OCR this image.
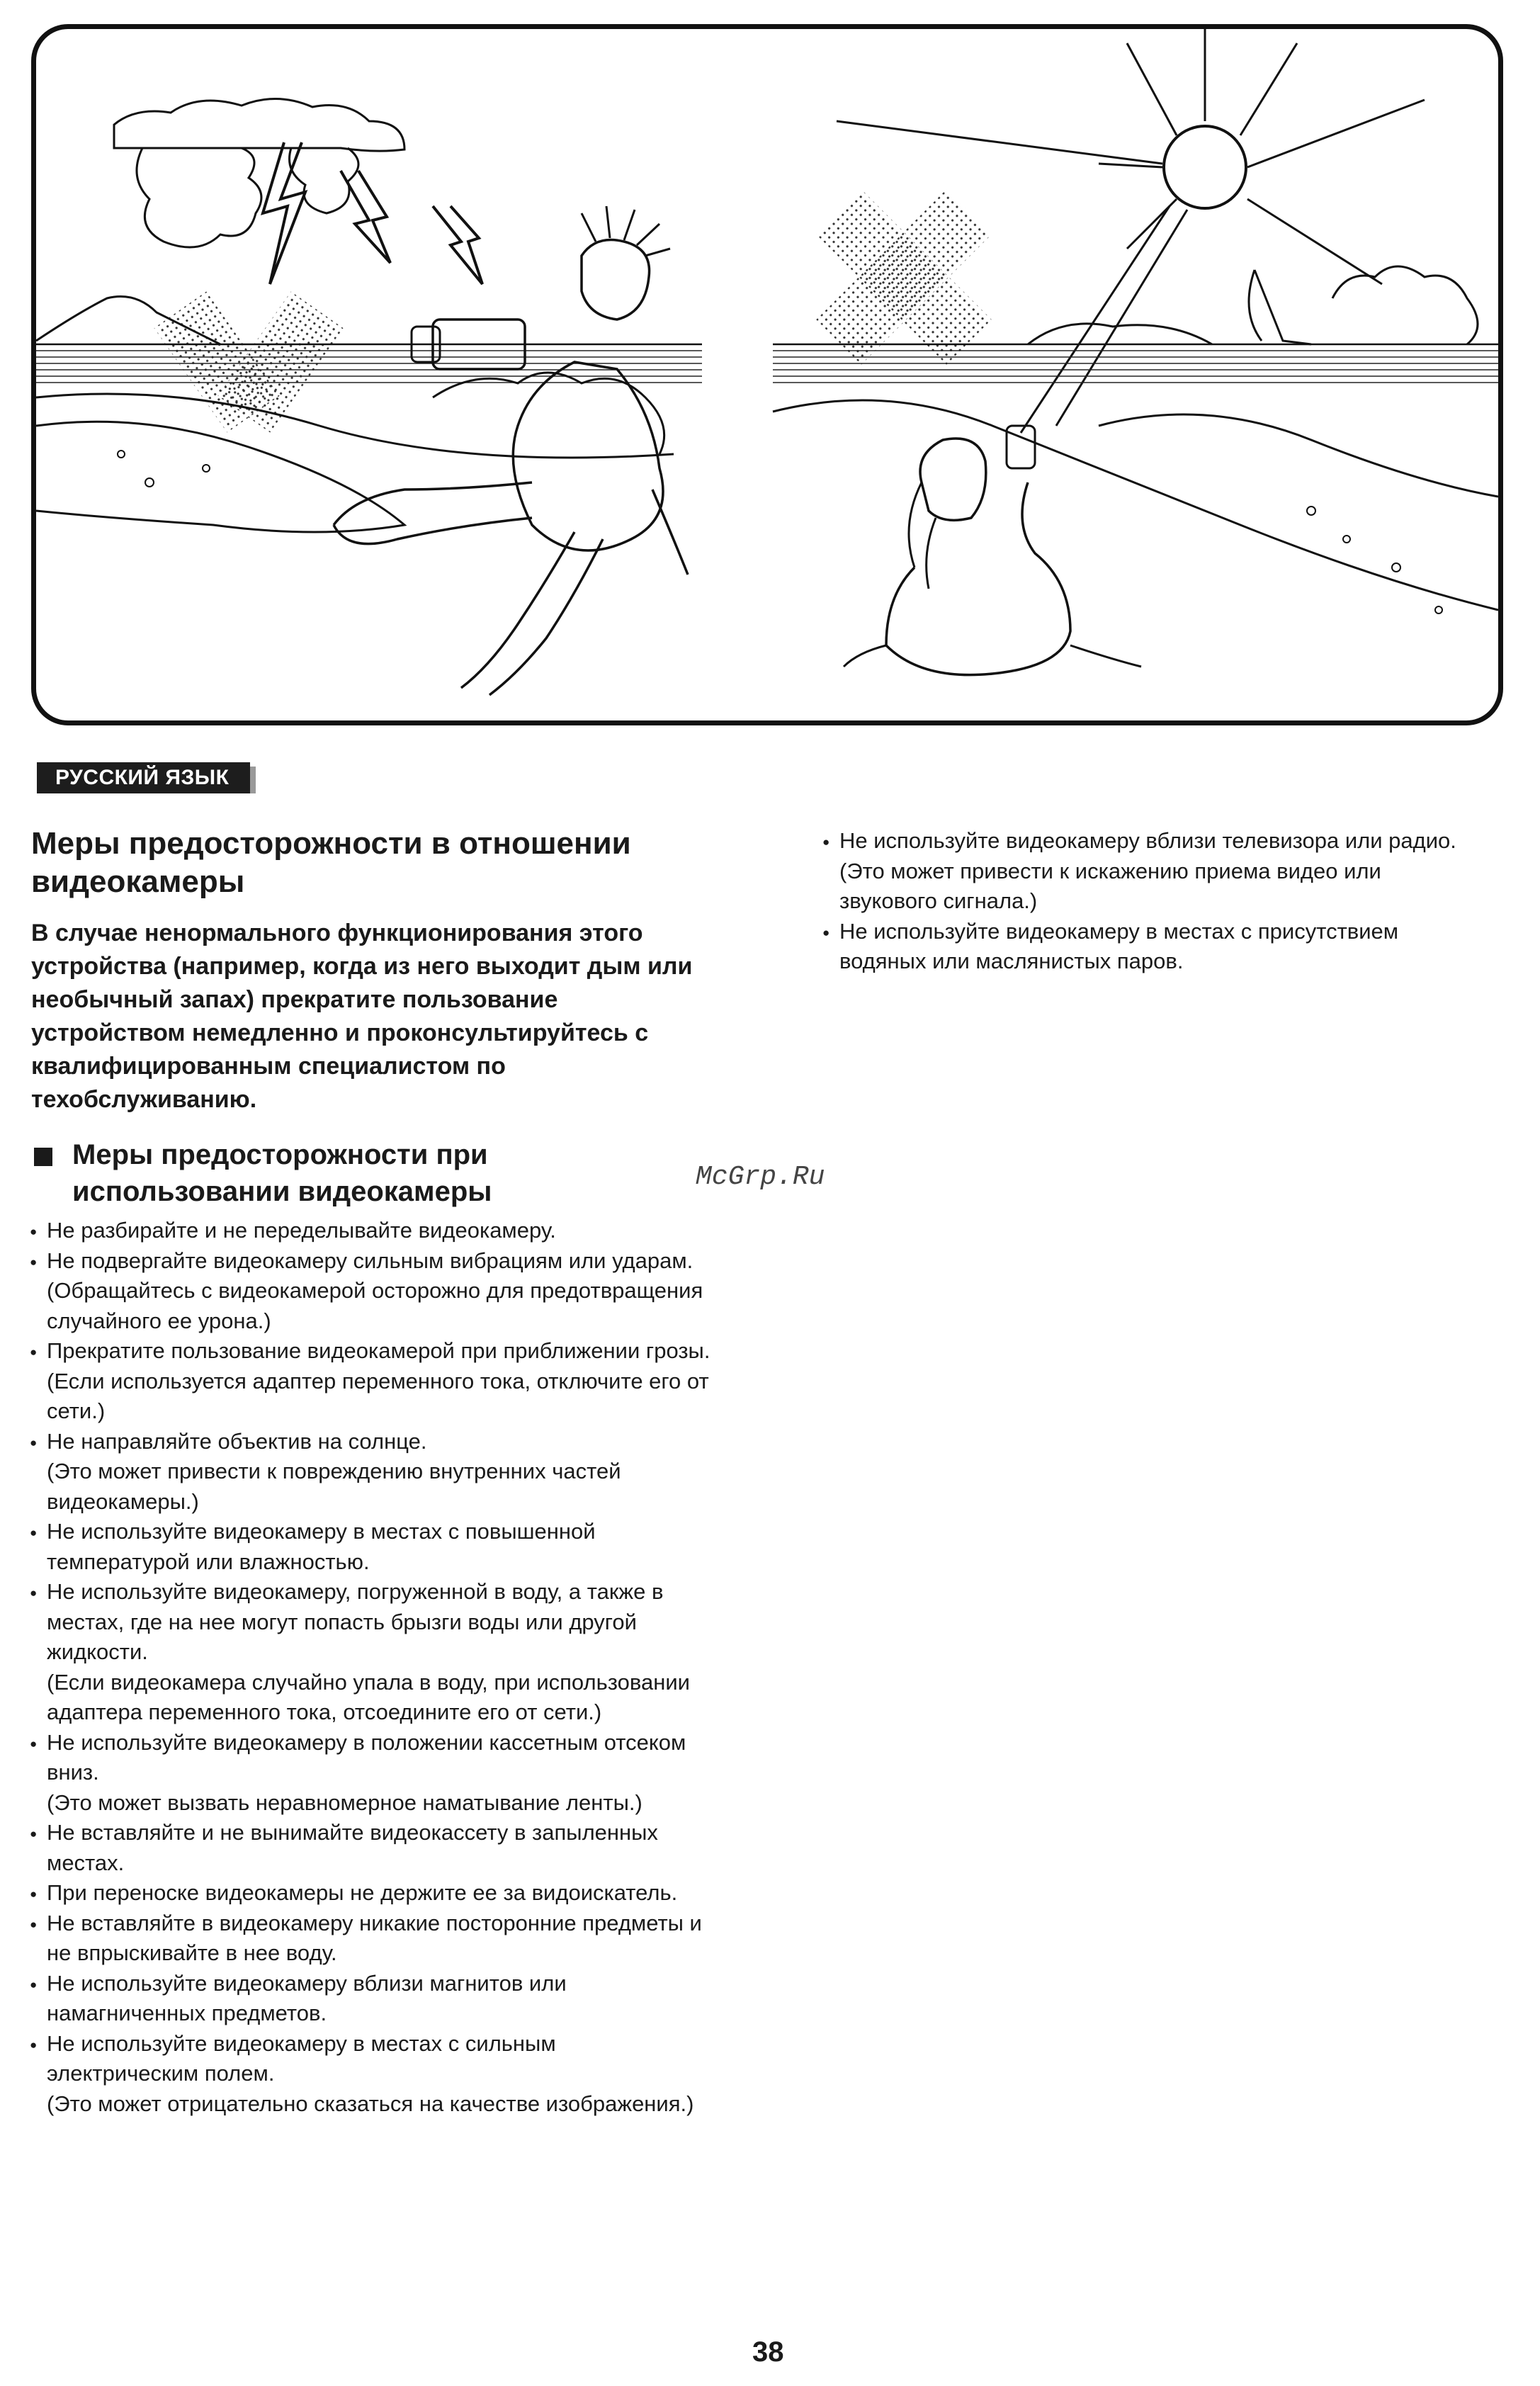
РУССКИЙ ЯЗЫК
Меры предосторожности в отношении видеокамеры

В случае ненормального функционирования этого устройства (например, когда из него выходит дым или необычный запах) прекратите пользование устройством немедленно и проконсультируйтесь с квалифицированным специалистом по техобслуживанию.

Меры предосторожности при использовании видеокамеры
● Не разбирайте и не переделывайте видеокамеру.
● Не подвергайте видеокамеру сильным вибрациям или ударам.
(Обращайтесь с видеокамерой осторожно для предотвращения случайного ее урона.)
● Прекратите пользование видеокамерой при приближении грозы.
(Если используется адаптер переменного тока, отключите его от сети.)
● Не направляйте объектив на солнце.
(Это может привести к повреждению внутренних частей видеокамеры.)
● Не используйте видеокамеру в местах с повышенной температурой или влажностью.
● Не используйте видеокамеру, погруженной в воду, а также в местах, где на нее могут попасть брызги воды или другой жидкости.
(Если видеокамера случайно упала в воду, при использовании адаптера переменного тока, отсоедините его от сети.)
● Не используйте видеокамеру в положении кассетным отсеком вниз.
(Это может вызвать неравномерное наматывание ленты.)
● Не вставляйте и не вынимайте видеокассету в запыленных местах.
● При переноске видеокамеры не держите ее за видоискатель.
● Не вставляйте в видеокамеру никакие посторонние предметы и не впрыскивайте в нее воду.
● Не используйте видеокамеру вблизи магнитов или намагниченных предметов.
● Не используйте видеокамеру в местах с сильным электрическим полем.
(Это может отрицательно сказаться на качестве изображения.)
● Не используйте видеокамеру вблизи телевизора или радио.
(Это может привести к искажению приема видео или звукового сигнала.)
● Не используйте видеокамеру в местах с присутствием водяных или маслянистых паров.
McGrp.Ru
38
